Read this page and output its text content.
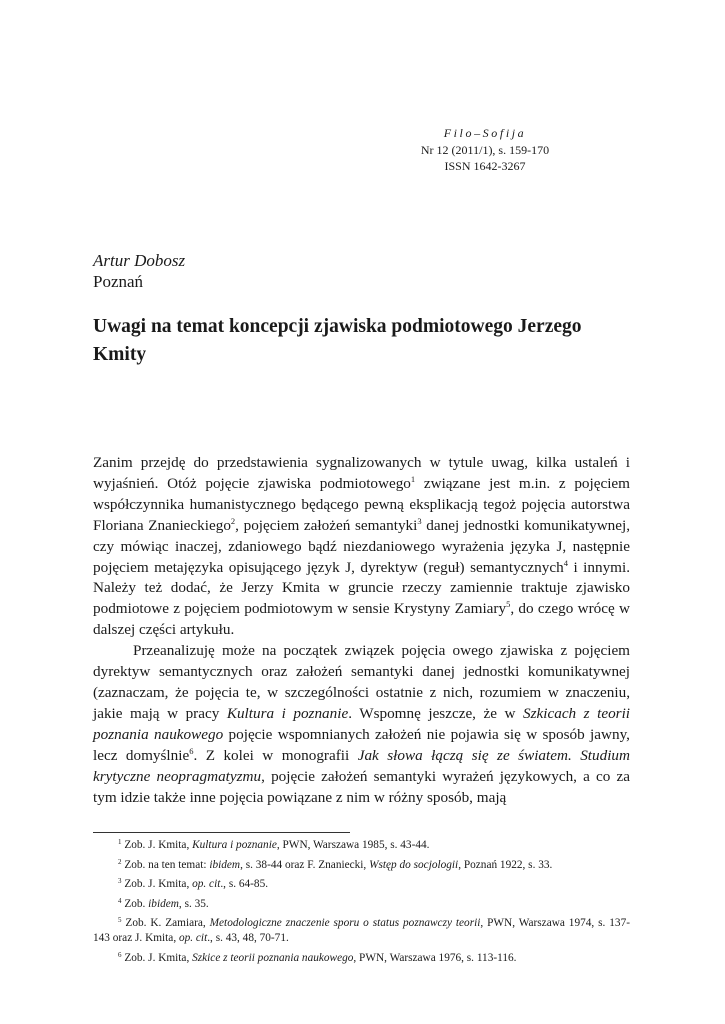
Filo–Sofija
Nr 12 (2011/1), s. 159-170
ISSN 1642-3267
Artur Dobosz
Poznań
Uwagi na temat koncepcji zjawiska podmiotowego Jerzego Kmity

Zanim przejdę do przedstawienia sygnalizowanych w tytule uwag, kilka ustaleń i wyjaśnień. Otóż pojęcie zjawiska podmiotowego$^1$ związane jest m.in. z pojęciem współczynnika humanistycznego będącego pewną eksplikacją tegoż pojęcia autorstwa Floriana Znanieckiego$^2$, pojęciem założeń semantyki$^3$ danej jednostki komunikatywnej, czy mówiąc inaczej, zdaniowego bądź niezdaniowego wyrażenia języka J, następnie pojęciem metajęzyka opisującego język J, dyrektyw (reguł) semantycznych$^4$ i innymi. Należy też dodać, że Jerzy Kmita w gruncie rzeczy zamiennie traktuje zjawisko podmiotowe z pojęciem podmiotowym w sensie Krystyny Zamiary$^5$, do czego wrócę w dalszej części artykułu.

Przeanalizuję może na początek związek pojęcia owego zjawiska z pojęciem dyrektyw semantycznych oraz założeń semantyki danej jednostki komunikatywnej (zaznaczam, że pojęcia te, w szczególności ostatnie z nich, rozumiem w znaczeniu, jakie mają w pracy Kultura i poznanie. Wspomnę jeszcze, że w Szkicach z teorii poznania naukowego pojęcie wspomnianych założeń nie pojawia się w sposób jawny, lecz domyślnie$^6$. Z kolei w monografii Jak słowa łączą się ze światem. Studium krytyczne neopragmatyzmu, pojęcie założeń semantyki wyrażeń językowych, a co za tym idzie także inne pojęcia powiązane z nim w różny sposób, mają

$^1$ Zob. J. Kmita, Kultura i poznanie, PWN, Warszawa 1985, s. 43-44.

$^2$ Zob. na ten temat: ibidem, s. 38-44 oraz F. Znaniecki, Wstęp do socjologii, Poznań 1922, s. 33.

$^3$ Zob. J. Kmita, op. cit., s. 64-85.

$^4$ Zob. ibidem, s. 35.

$^5$ Zob. K. Zamiara, Metodologiczne znaczenie sporu o status poznawczy teorii, PWN, Warszawa 1974, s. 137-143 oraz J. Kmita, op. cit., s. 43, 48, 70-71.

$^6$ Zob. J. Kmita, Szkice z teorii poznania naukowego, PWN, Warszawa 1976, s. 113-116.
